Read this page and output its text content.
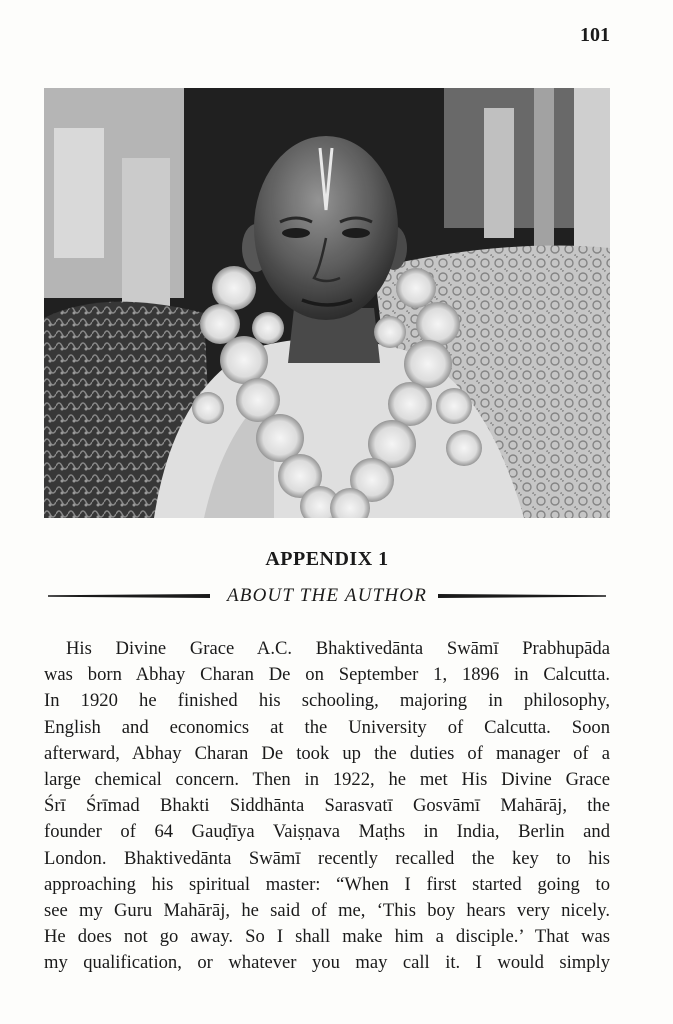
101
APPENDIX 1
ABOUT THE AUTHOR
His Divine Grace A.C. Bhaktivedānta Swāmī Prabhupāda
was born Abhay Charan De on September 1, 1896 in Calcutta.
In 1920 he finished his schooling, majoring in philosophy,
English and economics at the University of Calcutta. Soon
afterward, Abhay Charan De took up the duties of manager of a
large chemical concern. Then in 1922, he met His Divine Grace
Śrī Śrīmad Bhakti Siddhānta Sarasvatī Gosvāmī Mahārāj, the
founder of 64 Gauḍīya Vaiṣṇava Maṭhs in India, Berlin and
London. Bhaktivedānta Swāmī recently recalled the key to his
approaching his spiritual master: “When I first started going to
see my Guru Mahārāj, he said of me, ‘This boy hears very nicely.
He does not go away. So I shall make him a disciple.’ That was
my qualification, or whatever you may call it. I would simply
